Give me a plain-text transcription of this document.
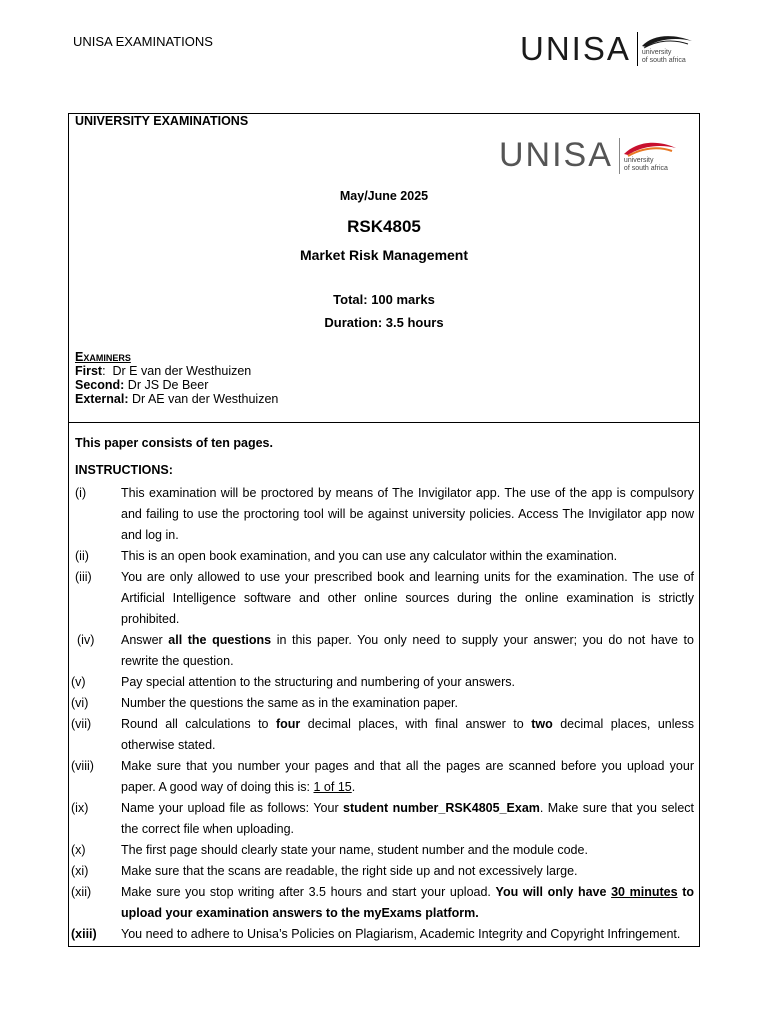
UNISA EXAMINATIONS	UNISA university
of south africa
UNIVERSITY EXAMINATIONS
UNISA university
of south africa
May/June 2025
RSK4805
Market Risk Management
Total: 100 marks
Duration: 3.5 hours
Examiners
First:  Dr E van der Westhuizen
Second: Dr JS De Beer
External: Dr AE van der Westhuizen
This paper consists of ten pages.
INSTRUCTIONS:
(i)	This examination will be proctored by means of The Invigilator app. The use of the app is compulsory and failing to use the proctoring tool will be against university policies. Access The Invigilator app now and log in.
(ii)	This is an open book examination, and you can use any calculator within the examination.
(iii) You are only allowed to use your prescribed book and learning units for the examination. The use of Artificial Intelligence software and other online sources during the online examination is strictly prohibited.
(iv) Answer all the questions in this paper. You only need to supply your answer; you do not have to rewrite the question.
(v)	Pay special attention to the structuring and numbering of your answers.
(vi)	Number the questions the same as in the examination paper.
(vii) Round all calculations to four decimal places, with final answer to two decimal places, unless otherwise stated.
(viii) Make sure that you number your pages and that all the pages are scanned before you upload your paper. A good way of doing this is: 1 of 15.
(ix)	Name your upload file as follows: Your student number_RSK4805_Exam. Make sure that you select the correct file when uploading.
(x)	The first page should clearly state your name, student number and the module code.
(xi)	Make sure that the scans are readable, the right side up and not excessively large.
(xii) Make sure you stop writing after 3.5 hours and start your upload. You will only have 30 minutes to upload your examination answers to the myExams platform.
(xiii) You need to adhere to Unisa’s Policies on Plagiarism, Academic Integrity and Copyright Infringement.
